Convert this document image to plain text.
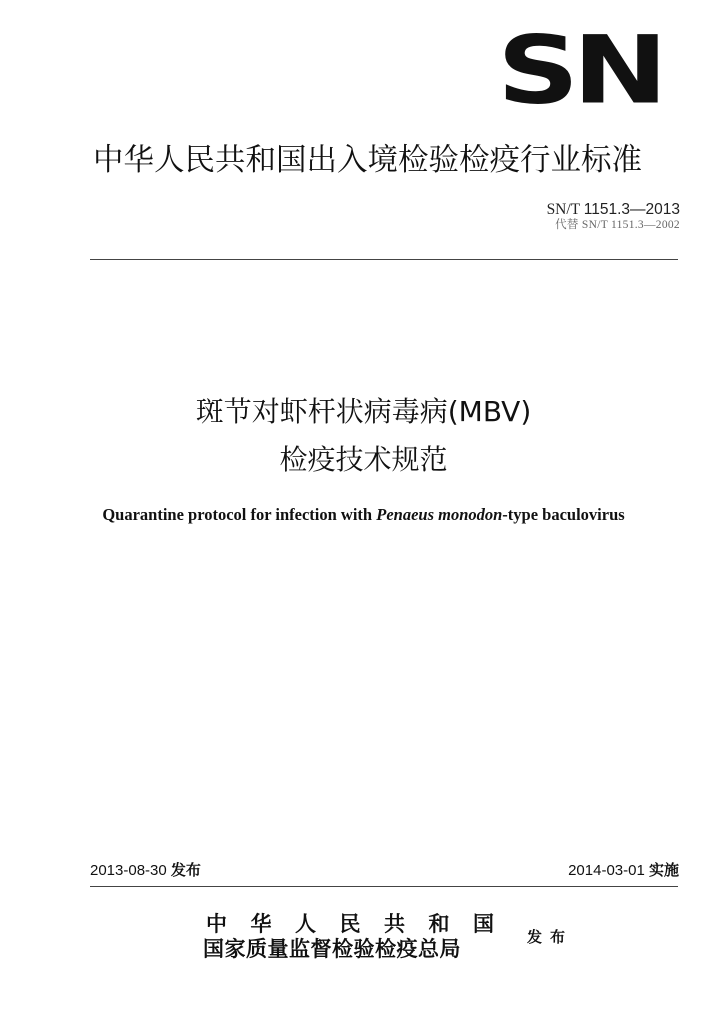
SN
中华人民共和国出入境检验检疫行业标准
SN/T 1151.3—2013
代替 SN/T 1151.3—2002
斑节对虾杆状病毒病(MBV)
检疫技术规范
Quarantine protocol for infection with Penaeus monodon-type baculovirus
2013-08-30 发布	2014-03-01 实施
中华人民共和国
国家质量监督检验检疫总局	发布
